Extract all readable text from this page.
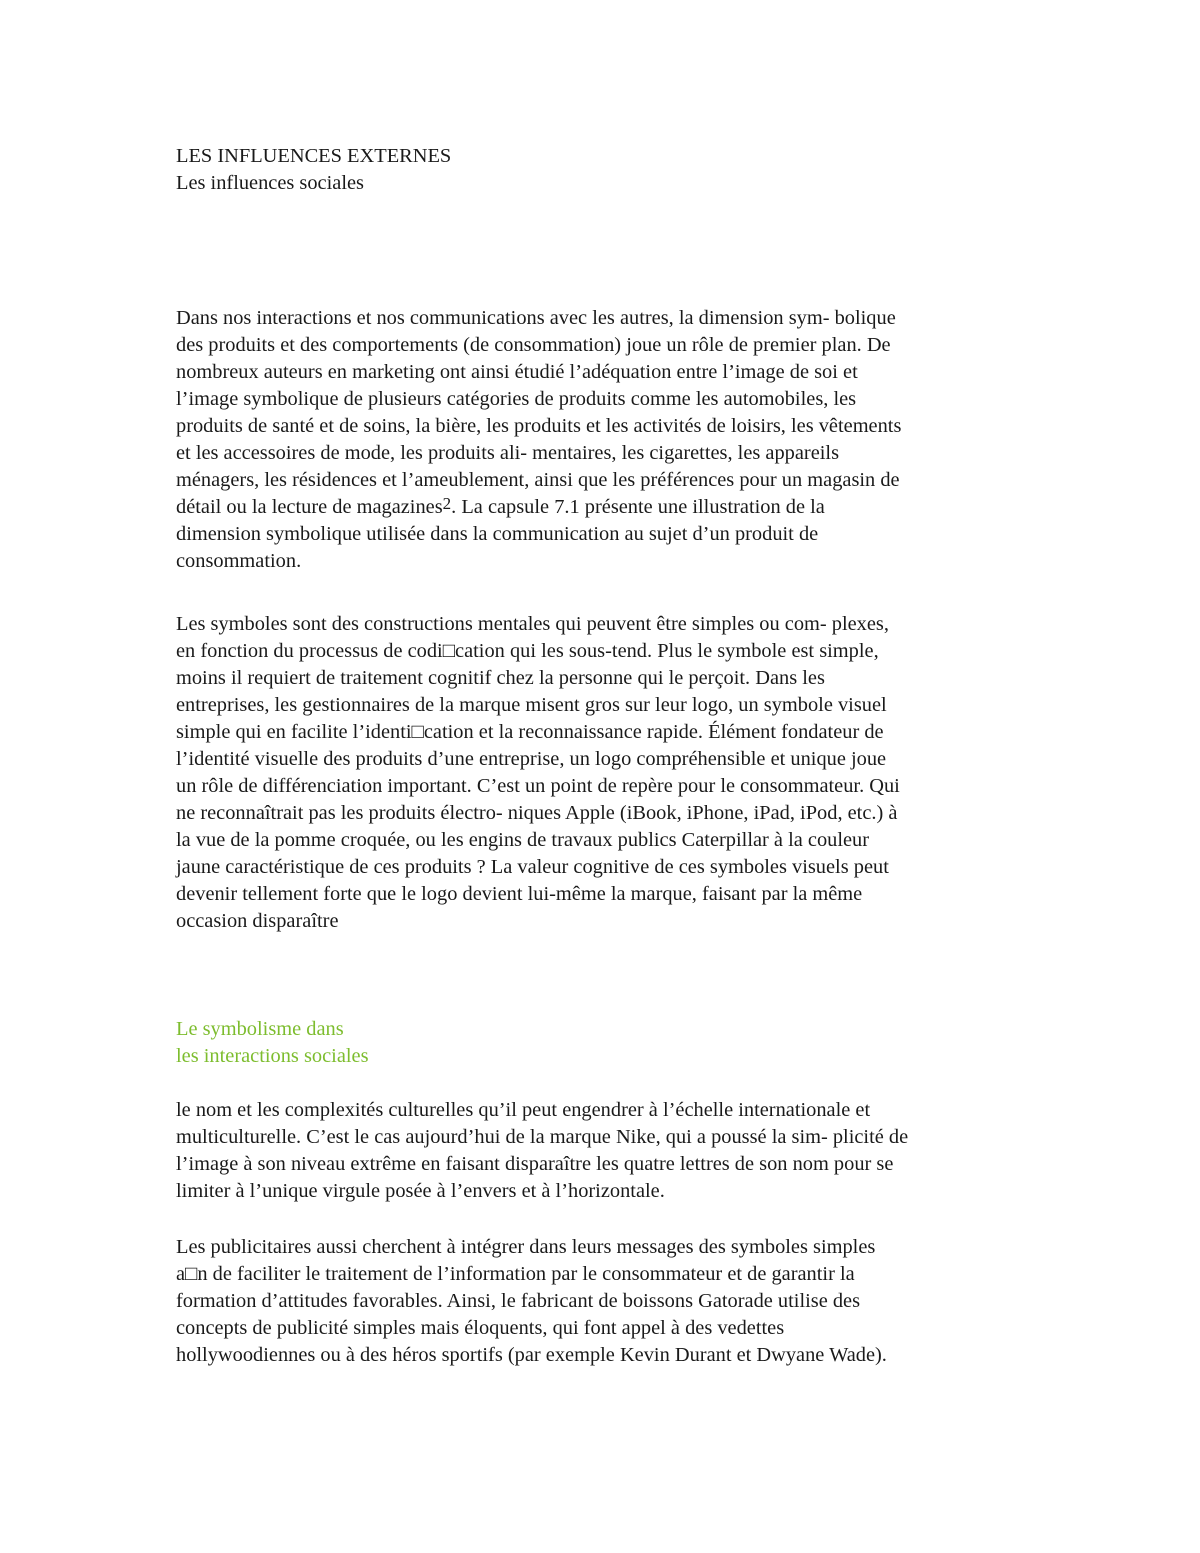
LES INFLUENCES EXTERNES
Les influences sociales
Dans nos interactions et nos communications avec les autres, la dimension sym- bolique
des produits et des comportements (de consommation) joue un rôle de premier plan. De
nombreux auteurs en marketing ont ainsi étudié l’adéquation entre l’image de soi et
l’image symbolique de plusieurs catégories de produits comme les automobiles, les
produits de santé et de soins, la bière, les produits et les activités de loisirs, les vêtements
et les accessoires de mode, les produits ali- mentaires, les cigarettes, les appareils
ménagers, les résidences et l’ameublement, ainsi que les préférences pour un magasin de
détail ou la lecture de magazines$^2$. La capsule 7.1 présente une illustration de la
dimension symbolique utilisée dans la communication au sujet d’un produit de
consommation.
Les symboles sont des constructions mentales qui peuvent être simples ou com- plexes,
en fonction du processus de codi□cation qui les sous-tend. Plus le symbole est simple,
moins il requiert de traitement cognitif chez la personne qui le perçoit. Dans les
entreprises, les gestionnaires de la marque misent gros sur leur logo, un symbole visuel
simple qui en facilite l’identi□cation et la reconnaissance rapide. Élément fondateur de
l’identité visuelle des produits d’une entreprise, un logo compréhensible et unique joue
un rôle de différenciation important. C’est un point de repère pour le consommateur. Qui
ne reconnaîtrait pas les produits électro- niques Apple (iBook, iPhone, iPad, iPod, etc.) à
la vue de la pomme croquée, ou les engins de travaux publics Caterpillar à la couleur
jaune caractéristique de ces produits ? La valeur cognitive de ces symboles visuels peut
devenir tellement forte que le logo devient lui-même la marque, faisant par la même
occasion disparaître
Le symbolisme dans
les interactions sociales
le nom et les complexités culturelles qu’il peut engendrer à l’échelle internationale et
multiculturelle. C’est le cas aujourd’hui de la marque Nike, qui a poussé la sim- plicité de
l’image à son niveau extrême en faisant disparaître les quatre lettres de son nom pour se
limiter à l’unique virgule posée à l’envers et à l’horizontale.
Les publicitaires aussi cherchent à intégrer dans leurs messages des symboles simples
a□n de faciliter le traitement de l’information par le consommateur et de garantir la
formation d’attitudes favorables. Ainsi, le fabricant de boissons Gatorade utilise des
concepts de publicité simples mais éloquents, qui font appel à des vedettes
hollywoodiennes ou à des héros sportifs (par exemple Kevin Durant et Dwyane Wade).
